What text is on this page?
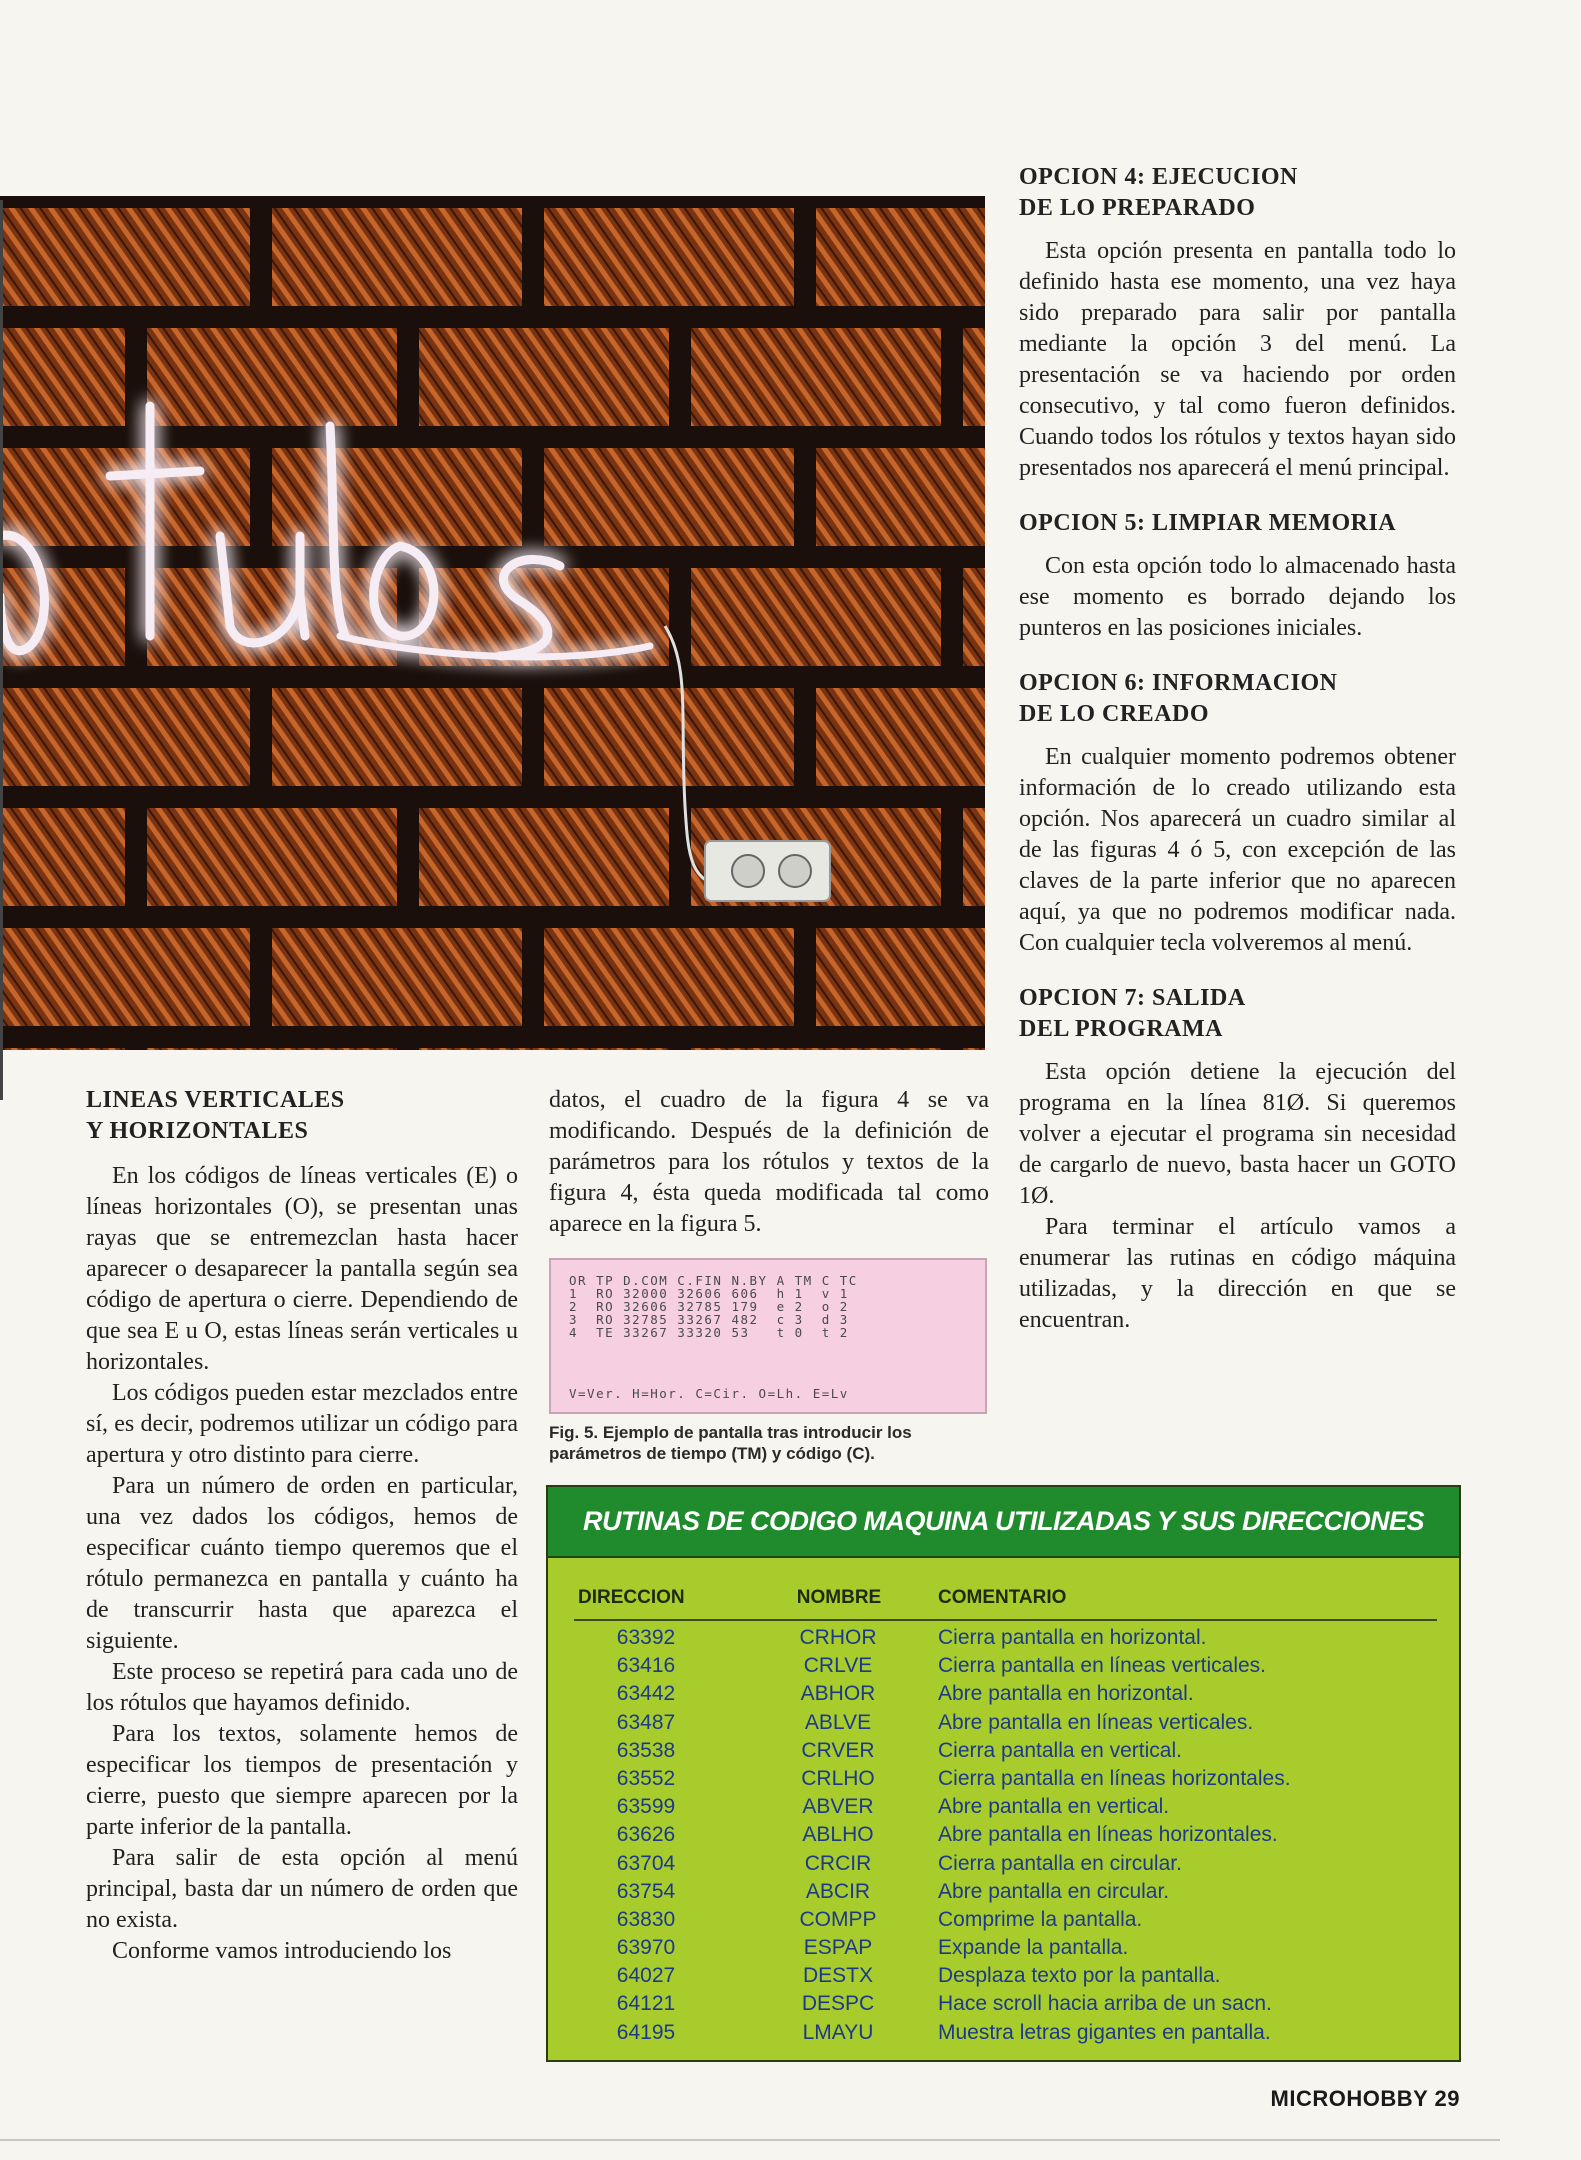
OPCION 4: EJECUCION
DE LO PREPARADO

Esta opción presenta en pantalla todo lo definido hasta ese momento, una vez haya sido preparado para salir por pantalla mediante la opción 3 del menú. La presentación se va haciendo por orden consecutivo, y tal como fueron definidos. Cuando todos los rótulos y textos hayan sido presentados nos aparecerá el menú principal.

OPCION 5: LIMPIAR MEMORIA

Con esta opción todo lo almacenado hasta ese momento es borrado dejando los punteros en las posiciones iniciales.

OPCION 6: INFORMACION
DE LO CREADO

En cualquier momento podremos obtener información de lo creado utilizando esta opción. Nos aparecerá un cuadro similar al de las figuras 4 ó 5, con excepción de las claves de la parte inferior que no aparecen aquí, ya que no podremos modificar nada. Con cualquier tecla volveremos al menú.

OPCION 7: SALIDA
DEL PROGRAMA

Esta opción detiene la ejecución del programa en la línea 81Ø. Si queremos volver a ejecutar el programa sin necesidad de cargarlo de nuevo, basta hacer un GOTO 1Ø.

Para terminar el artículo vamos a enumerar las rutinas en código máquina utilizadas, y la dirección en que se encuentran.

LINEAS VERTICALES
Y HORIZONTALES

En los códigos de líneas verticales (E) o líneas horizontales (O), se presentan unas rayas que se entremezclan hasta hacer aparecer o desaparecer la pantalla según sea código de apertura o cierre. Dependiendo de que sea E u O, estas líneas serán verticales u horizontales.

Los códigos pueden estar mezclados entre sí, es decir, podremos utilizar un código para apertura y otro distinto para cierre.

Para un número de orden en particular, una vez dados los códigos, hemos de especificar cuánto tiempo queremos que el rótulo permanezca en pantalla y cuánto ha de transcurrir hasta que aparezca el siguiente.

Este proceso se repetirá para cada uno de los rótulos que hayamos definido.

Para los textos, solamente hemos de especificar los tiempos de presentación y cierre, puesto que siempre aparecen por la parte inferior de la pantalla.

Para salir de esta opción al menú principal, basta dar un número de orden que no exista.

Conforme vamos introduciendo los

datos, el cuadro de la figura 4 se va modificando. Después de la definición de parámetros para los rótulos y textos de la figura 4, ésta queda modificada tal como aparece en la figura 5.

OR TP D.COM C.FIN N.BY A TM C TC
1  RO 32000 32606 606  h 1  v 1
2  RO 32606 32785 179  e 2  o 2
3  RO 32785 33267 482  c 3  d 3
4  TE 33267 33320 53   t 0  t 2
V=Ver. H=Hor. C=Cir. O=Lh. E=Lv
Fig. 5. Ejemplo de pantalla tras introducir los parámetros de tiempo (TM) y código (C).
RUTINAS DE CODIGO MAQUINA UTILIZADAS Y SUS DIRECCIONES
DIRECCION	NOMBRE	COMENTARIO
63392	CRHOR	Cierra pantalla en horizontal.
63416	CRLVE	Cierra pantalla en líneas verticales.
63442	ABHOR	Abre pantalla en horizontal.
63487	ABLVE	Abre pantalla en líneas verticales.
63538	CRVER	Cierra pantalla en vertical.
63552	CRLHO	Cierra pantalla en líneas horizontales.
63599	ABVER	Abre pantalla en vertical.
63626	ABLHO	Abre pantalla en líneas horizontales.
63704	CRCIR	Cierra pantalla en circular.
63754	ABCIR	Abre pantalla en circular.
63830	COMPP	Comprime la pantalla.
63970	ESPAP	Expande la pantalla.
64027	DESTX	Desplaza texto por la pantalla.
64121	DESPC	Hace scroll hacia arriba de un sacn.
64195	LMAYU	Muestra letras gigantes en pantalla.
MICROHOBBY 29
